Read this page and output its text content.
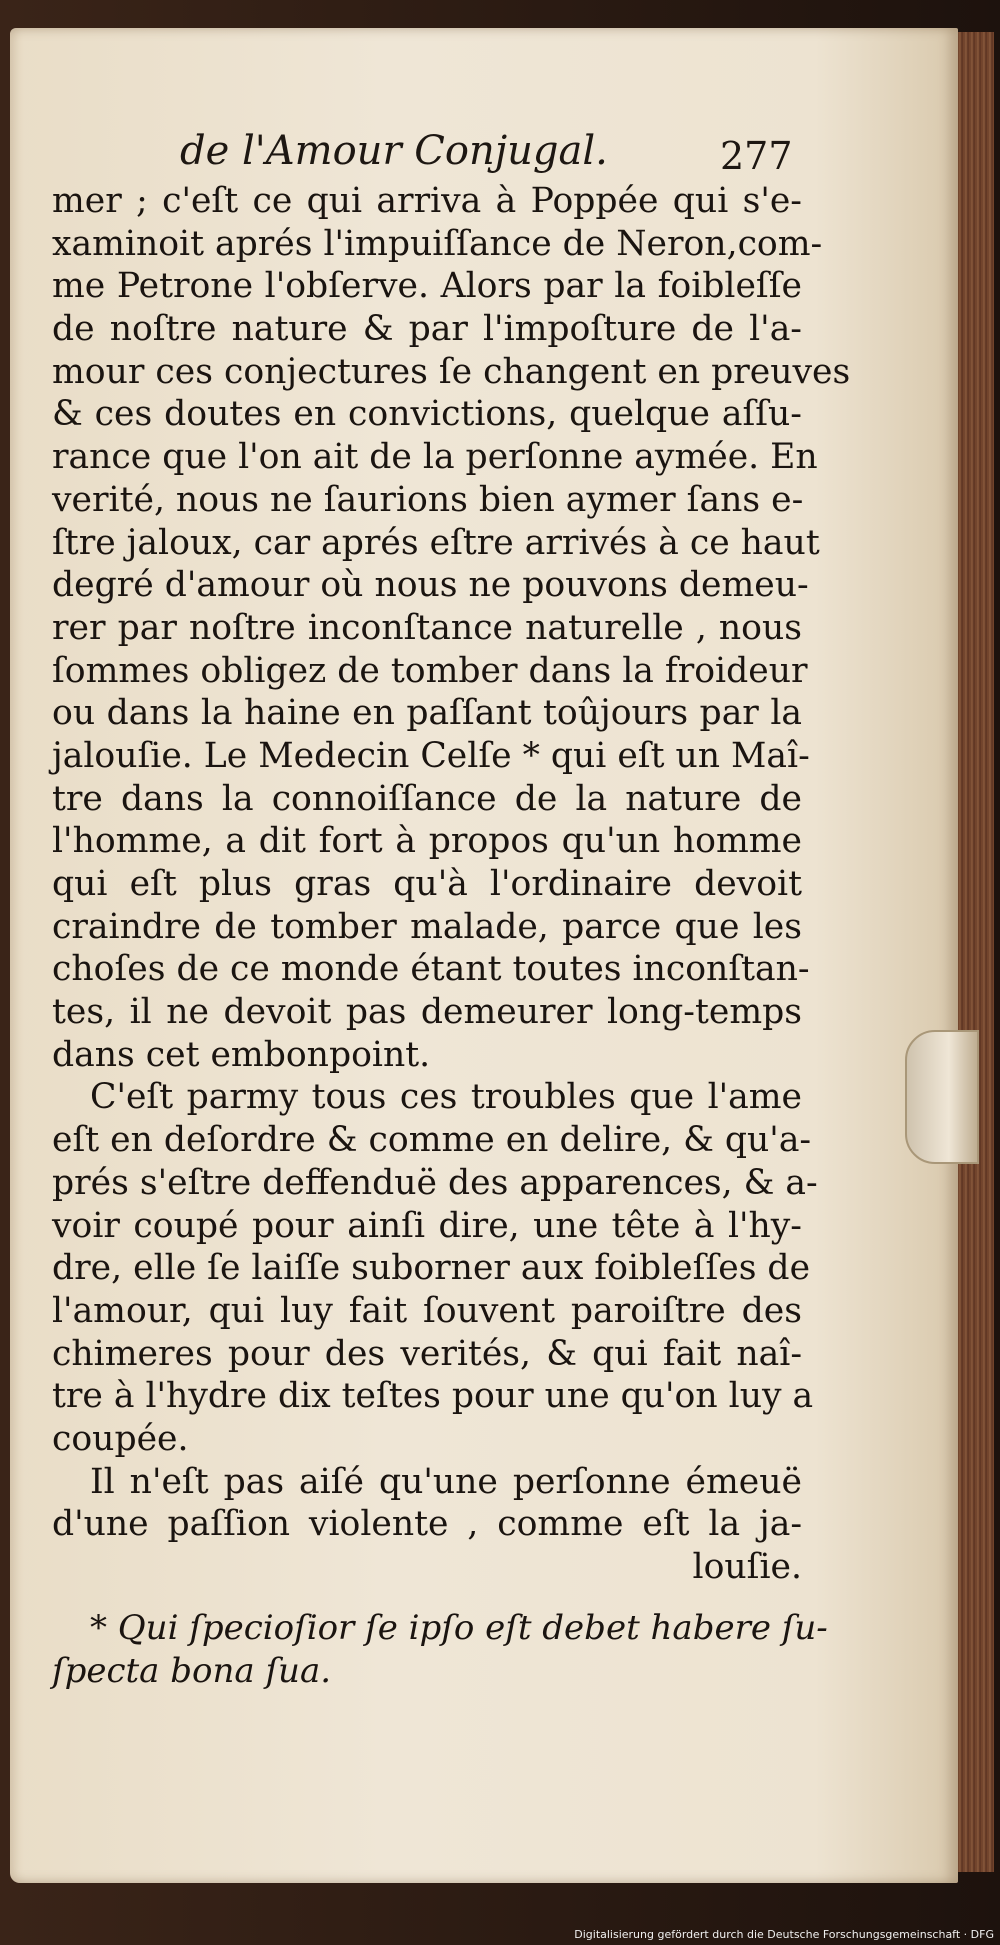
de l'Amour Conjugal.	277
mer ; c'eſt ce qui arriva à Poppée qui s'e-
xaminoit aprés l'impuiſſance de Neron,com-
me Petrone l'obſerve. Alors par la foibleſſe
de noſtre nature & par l'impoſture de l'a-
mour ces conjectures ſe changent en preuves
& ces doutes en convictions, quelque aſſu-
rance que l'on ait de la perſonne aymée. En
verité, nous ne ſaurions bien aymer ſans e-
ſtre jaloux, car aprés eſtre arrivés à ce haut
degré d'amour où nous ne pouvons demeu-
rer par noſtre inconſtance naturelle , nous
ſommes obligez de tomber dans la froideur
ou dans la haine en paſſant toûjours par la
jalouſie. Le Medecin Celſe * qui eſt un Maî-
tre dans la connoiſſance de la nature de
l'homme, a dit fort à propos qu'un homme
qui eſt plus gras qu'à l'ordinaire devoit
craindre de tomber malade, parce que les
choſes de ce monde étant toutes inconſtan-
tes, il ne devoit pas demeurer long-temps
dans cet embonpoint.
C'eſt parmy tous ces troubles que l'ame
eſt en deſordre & comme en delire, & qu'a-
prés s'eſtre deffenduë des apparences, & a-
voir coupé pour ainſi dire, une tête à l'hy-
dre, elle ſe laiſſe suborner aux foibleſſes de
l'amour, qui luy fait ſouvent paroiſtre des
chimeres pour des verités, & qui fait naî-
tre à l'hydre dix teſtes pour une qu'on luy a
coupée.
Il n'eſt pas aiſé qu'une perſonne émeuë
d'une paſſion violente , comme eſt la ja-
louſie.
* Qui ſpecioſior ſe ipſo eſt debet habere ſu-
ſpecta bona ſua.
Digitalisierung gefördert durch die Deutsche Forschungsgemeinschaft · DFG
